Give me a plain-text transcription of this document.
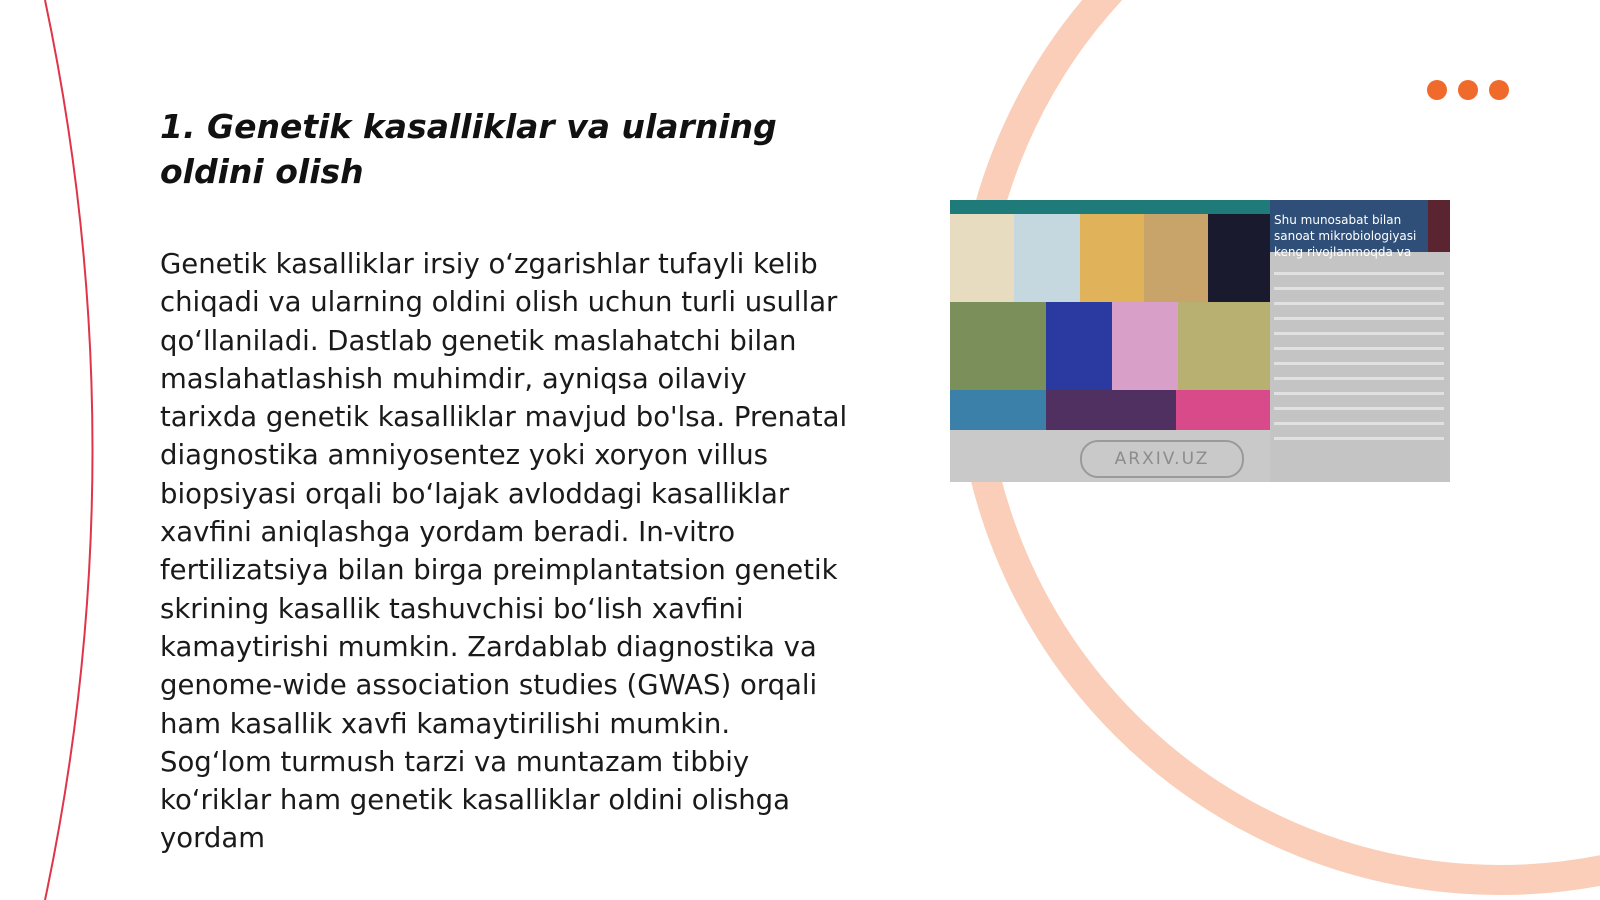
1. Genetik kasalliklar va ularning oldini olish

Genetik kasalliklar irsiy o‘zgarishlar tufayli kelib chiqadi va ularning oldini olish uchun turli usullar qo‘llaniladi. Dastlab genetik maslahatchi bilan maslahatlashish muhimdir, ayniqsa oilaviy tarixda genetik kasalliklar mavjud bo'lsa. Prenatal diagnostika amniyosentez yoki xoryon villus biopsiyasi orqali bo‘lajak avloddagi kasalliklar xavfini aniqlashga yordam beradi. In-vitro fertilizatsiya bilan birga preimplantatsion genetik skrining kasallik tashuvchisi bo‘lish xavfini kamaytirishi mumkin. Zardablab diagnostika va genome-wide association studies (GWAS) orqali ham kasallik xavfi kamaytirilishi mumkin. Sog‘lom turmush tarzi va muntazam tibbiy ko‘riklar ham genetik kasalliklar oldini olishga yordam

Shu munosabat bilan sanoat mikrobiologiyasi keng rivojlanmoqda va
ARXIV.UZ
